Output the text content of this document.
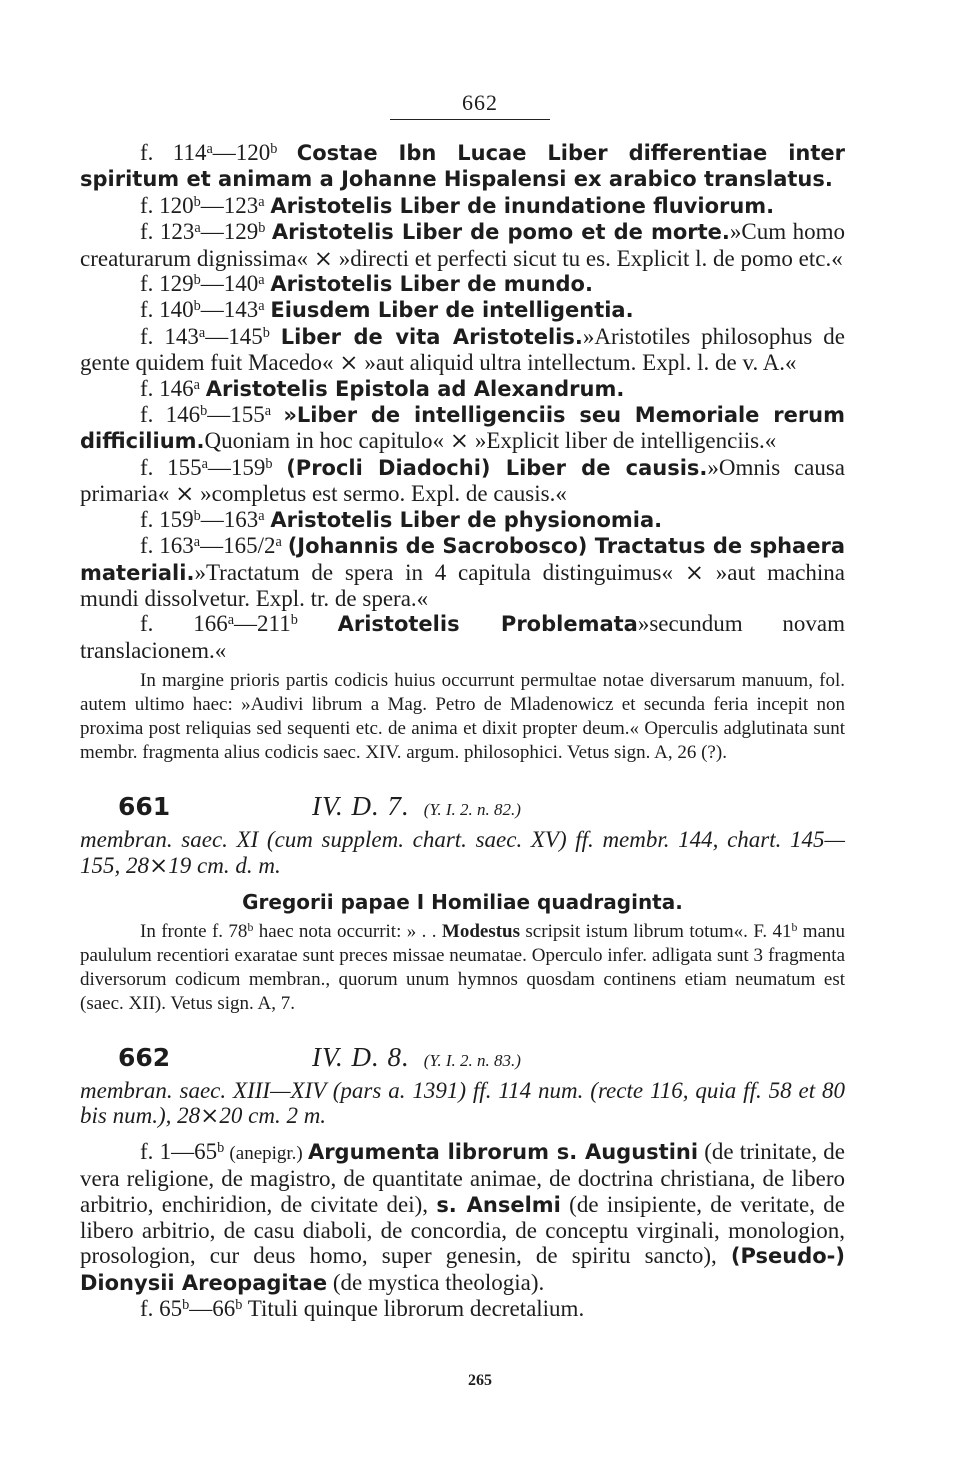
662

f. 114$^a$—120$^b$ Costae Ibn Lucae Liber differentiae inter spiritum et animam a Johanne Hispalensi ex arabico translatus.

f. 120$^b$—123$^a$ Aristotelis Liber de inundatione fluviorum.

f. 123$^a$—129$^b$ Aristotelis Liber de pomo et de morte.»Cum homo creaturarum dignissima« ⨯ »directi et perfecti sicut tu es. Explicit l. de pomo etc.«

f. 129$^b$—140$^a$ Aristotelis Liber de mundo.

f. 140$^b$—143$^a$ Eiusdem Liber de intelligentia.

f. 143$^a$—145$^b$ Liber de vita Aristotelis.»Aristotiles philosophus de gente quidem fuit Macedo« ⨯ »aut aliquid ultra intellectum. Expl. l. de v. A.«

f. 146$^a$ Aristotelis Epistola ad Alexandrum.

f. 146$^b$—155$^a$ »Liber de intelligenciis seu Memoriale rerum difficilium.Quoniam in hoc capitulo« ⨯ »Explicit liber de intelligenciis.«

f. 155$^a$—159$^b$ (Procli Diadochi) Liber de causis.»Omnis causa primaria« ⨯ »completus est sermo. Expl. de causis.«

f. 159$^b$—163$^a$ Aristotelis Liber de physionomia.

f. 163$^a$—165/2$^a$ (Johannis de Sacrobosco) Tractatus de sphaera materiali.»Tractatum de spera in 4 capitula distinguimus« ⨯ »aut machina mundi dissolvetur. Expl. tr. de spera.«

f. 166$^a$—211$^b$ Aristotelis Problemata»secundum novam translacionem.«

In margine prioris partis codicis huius occurrunt permultae notae diversarum manuum, fol. autem ultimo haec: »Audivi librum a Mag. Petro de Mladenowicz et secunda feria incepit non proxima post reliquias sed sequenti etc. de anima et dixit propter deum.« Operculis adglutinata sunt membr. fragmenta alius codicis saec. XIV. argum. philosophici. Vetus sign. A, 26 (?).

661	IV. D. 7. (Y. I. 2. n. 82.)
membran. saec. XI (cum supplem. chart. saec. XV) ff. membr. 144, chart. 145—155, 28⨯19 cm. d. m.
Gregorii papae I Homiliae quadraginta.

In fronte f. 78$^b$ haec nota occurrit: » . . Modestus scripsit istum librum totum«. F. 41$^b$ manu paululum recentiori exaratae sunt preces missae neumatae. Operculo infer. adligata sunt 3 fragmenta diversorum codicum membran., quorum unum hymnos quosdam continens etiam neumatum est (saec. XII). Vetus sign. A, 7.

662	IV. D. 8. (Y. I. 2. n. 83.)
membran. saec. XIII—XIV (pars a. 1391) ff. 114 num. (recte 116, quia ff. 58 et 80 bis num.), 28⨯20 cm. 2 m.

f. 1—65$^b$ (anepigr.) Argumenta librorum s. Augustini (de trinitate, de vera religione, de magistro, de quantitate animae, de doctrina christiana, de libero arbitrio, enchiridion, de civitate dei), s. Anselmi (de insipiente, de veritate, de libero arbitrio, de casu diaboli, de concordia, de conceptu virginali, monologion, prosologion, cur deus homo, super genesin, de spiritu sancto), (Pseudo-) Dionysii Areopagitae (de mystica theologia).

f. 65$^b$—66$^b$ Tituli quinque librorum decretalium.

265
